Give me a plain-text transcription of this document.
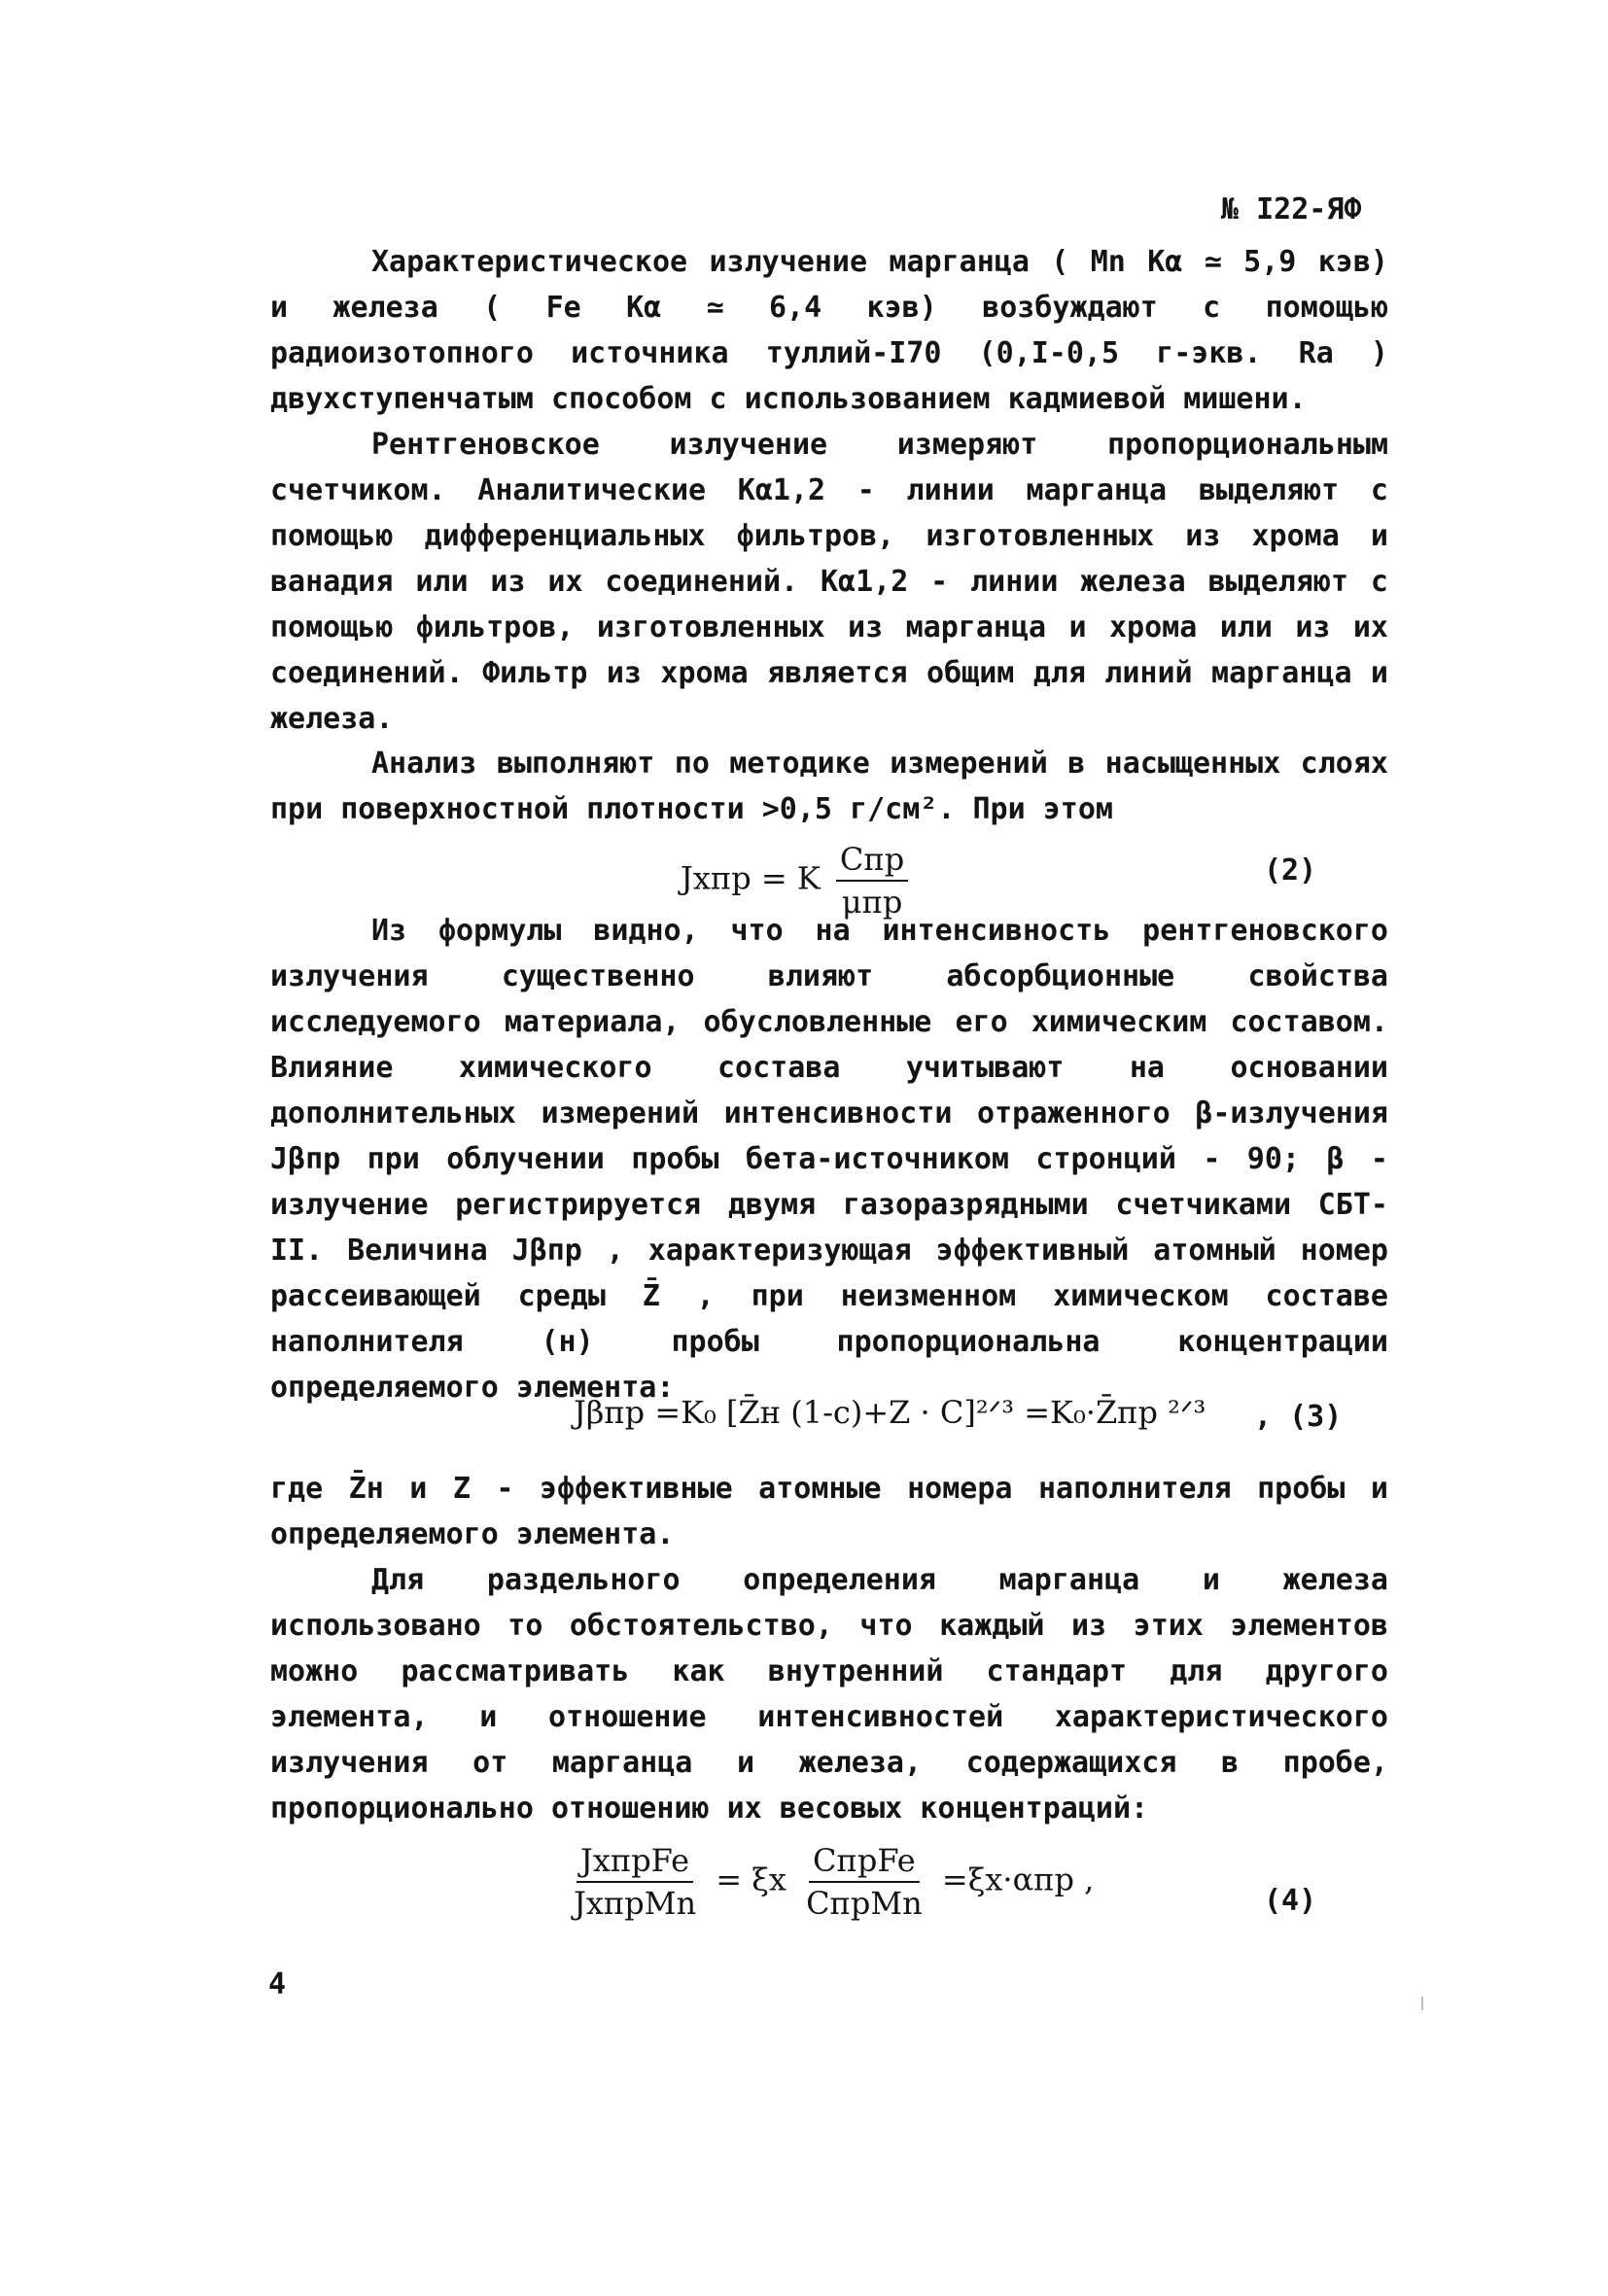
№ I22-ЯФ

Характеристическое излучение марганца ( Mn Kα ≃ 5,9 кэв) и железа ( Fe Kα ≃ 6,4 кэв) возбуждают с помощью радиоизотопного источника туллий-I70 (0,I-0,5 г-экв. Ra ) двухступенчатым способом с использованием кадмиевой мишени.

Рентгеновское излучение измеряют пропорциональным счетчиком. Аналитические Kα1,2 - линии марганца выделяют с помощью дифференциальных фильтров, изготовленных из хрома и ванадия или из их соединений. Kα1,2 - линии железа выделяют с помощью фильтров, изготовленных из марганца и хрома или из их соединений. Фильтр из хрома является общим для линий марганца и железа.

Анализ выполняют по методике измерений в насыщенных слоях при поверхностной плотности >0,5 г/см². При этом

Jxпр = K $\frac{\text{Cпр}}{\text{μпр}}$	(2)

Из формулы видно, что на интенсивность рентгеновского излучения существенно влияют абсорбционные свойства исследуемого материала, обусловленные его химическим составом. Влияние химического состава учитывают на основании дополнительных измерений интенсивности отраженного β-излучения Jβпр при облучении пробы бета-источником стронций - 90; β - излучение регистрируется двумя газоразрядными счетчиками СБТ-II. Величина Jβпр , характеризующая эффективный атомный номер рассеивающей среды Z̄ , при неизменном химическом составе наполнителя (н) пробы пропорциональна концентрации определяемого элемента:

Jβпр =K₀ [Z̄н (1-c)+Z · C]²ᐟ³ =K₀·Z̄пр ²ᐟ³ , (3)

где Z̄н и Z - эффективные атомные номера наполнителя пробы и определяемого элемента.

Для раздельного определения марганца и железа использовано то обстоятельство, что каждый из этих элементов можно рассматривать как внутренний стандарт для другого элемента, и отношение интенсивностей характеристического излучения от марганца и железа, содержащихся в пробе, пропорционально отношению их весовых концентраций:

$\frac{\text{JxпрFe}}{\text{JxпрMn}} = \xi x \frac{\text{CпрFe}}{\text{CпрMn}} =\xi x\cdot\alpha пр$ ,
(4)
4
